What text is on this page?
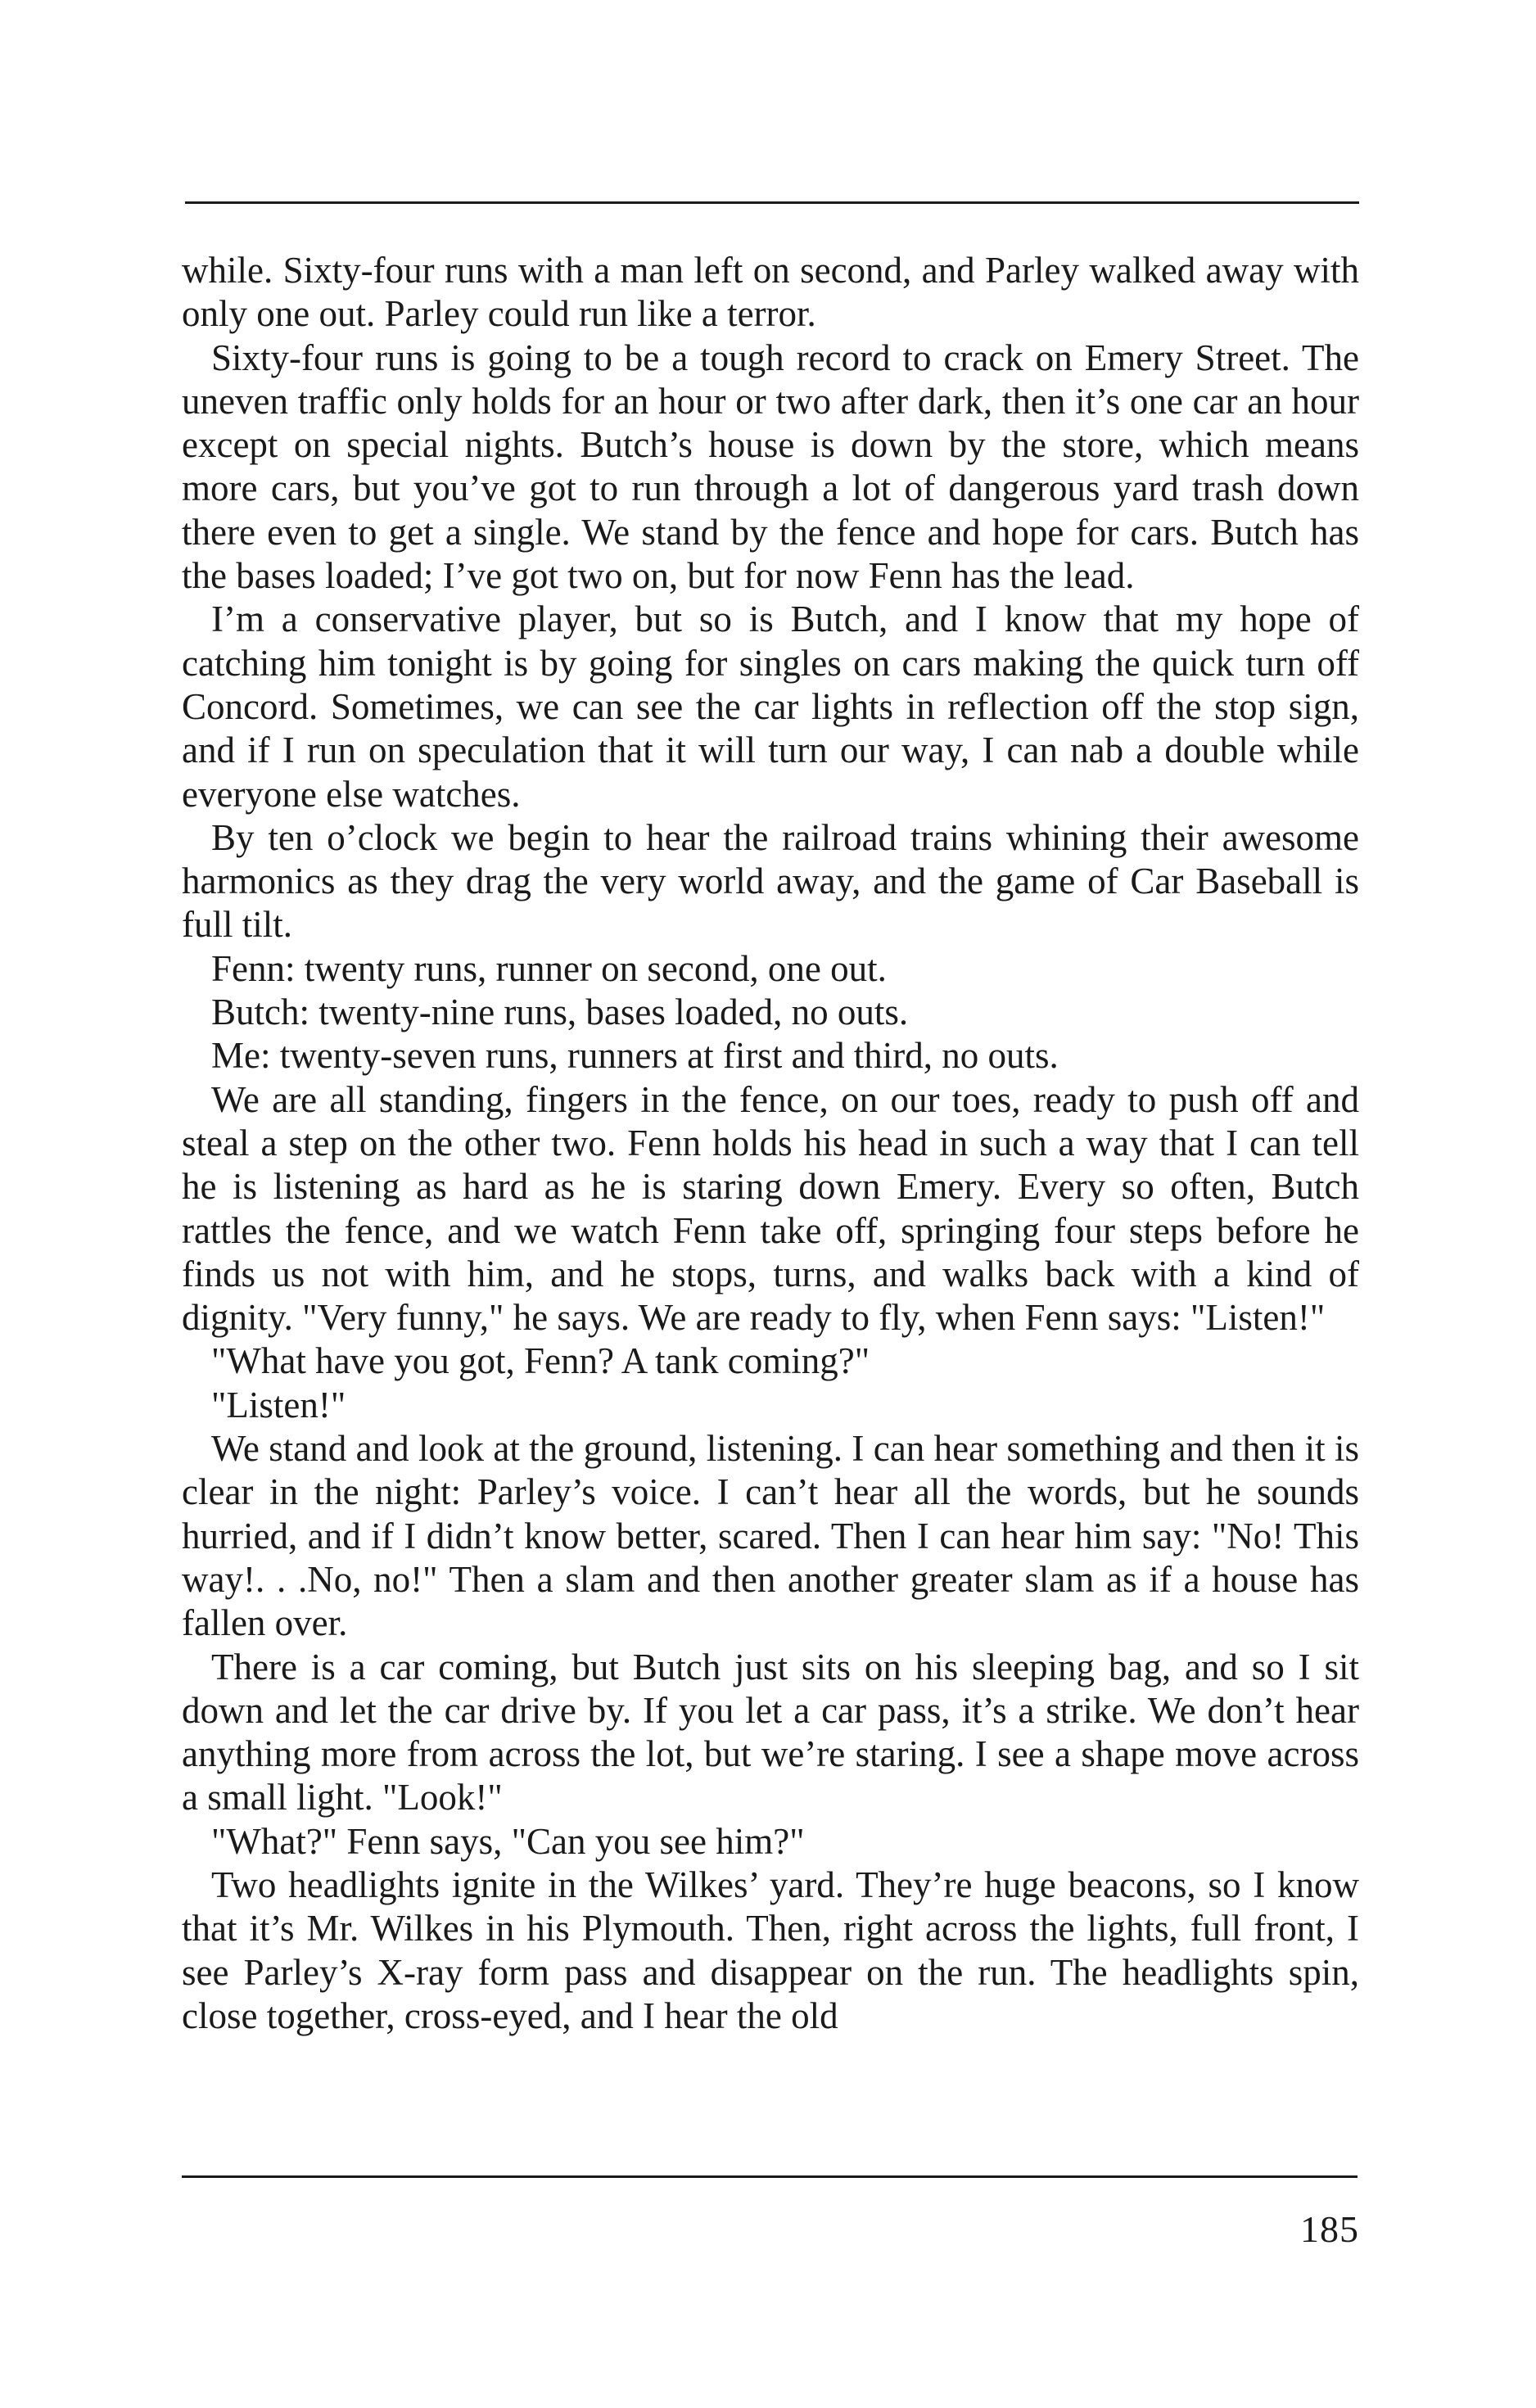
while. Sixty-four runs with a man left on second, and Parley walked away with only one out. Parley could run like a terror.

Sixty-four runs is going to be a tough record to crack on Emery Street. The uneven traffic only holds for an hour or two after dark, then it’s one car an hour except on special nights. Butch’s house is down by the store, which means more cars, but you’ve got to run through a lot of dangerous yard trash down there even to get a single. We stand by the fence and hope for cars. Butch has the bases loaded; I’ve got two on, but for now Fenn has the lead.

I’m a conservative player, but so is Butch, and I know that my hope of catching him tonight is by going for singles on cars making the quick turn off Concord. Sometimes, we can see the car lights in reflection off the stop sign, and if I run on speculation that it will turn our way, I can nab a double while everyone else watches.

By ten o’clock we begin to hear the railroad trains whining their awesome harmonics as they drag the very world away, and the game of Car Baseball is full tilt.

Fenn: twenty runs, runner on second, one out.

Butch: twenty-nine runs, bases loaded, no outs.

Me: twenty-seven runs, runners at first and third, no outs.

We are all standing, fingers in the fence, on our toes, ready to push off and steal a step on the other two. Fenn holds his head in such a way that I can tell he is listening as hard as he is staring down Emery. Every so often, Butch rattles the fence, and we watch Fenn take off, springing four steps before he finds us not with him, and he stops, turns, and walks back with a kind of dignity. "Very funny," he says. We are ready to fly, when Fenn says: "Listen!"

"What have you got, Fenn? A tank coming?"

"Listen!"

We stand and look at the ground, listening. I can hear something and then it is clear in the night: Parley’s voice. I can’t hear all the words, but he sounds hurried, and if I didn’t know better, scared. Then I can hear him say: "No! This way!. . .No, no!" Then a slam and then another greater slam as if a house has fallen over.

There is a car coming, but Butch just sits on his sleeping bag, and so I sit down and let the car drive by. If you let a car pass, it’s a strike. We don’t hear anything more from across the lot, but we’re staring. I see a shape move across a small light. "Look!"

"What?" Fenn says, "Can you see him?"

Two headlights ignite in the Wilkes’ yard. They’re huge beacons, so I know that it’s Mr. Wilkes in his Plymouth. Then, right across the lights, full front, I see Parley’s X-ray form pass and disappear on the run. The headlights spin, close together, cross-eyed, and I hear the old

185
